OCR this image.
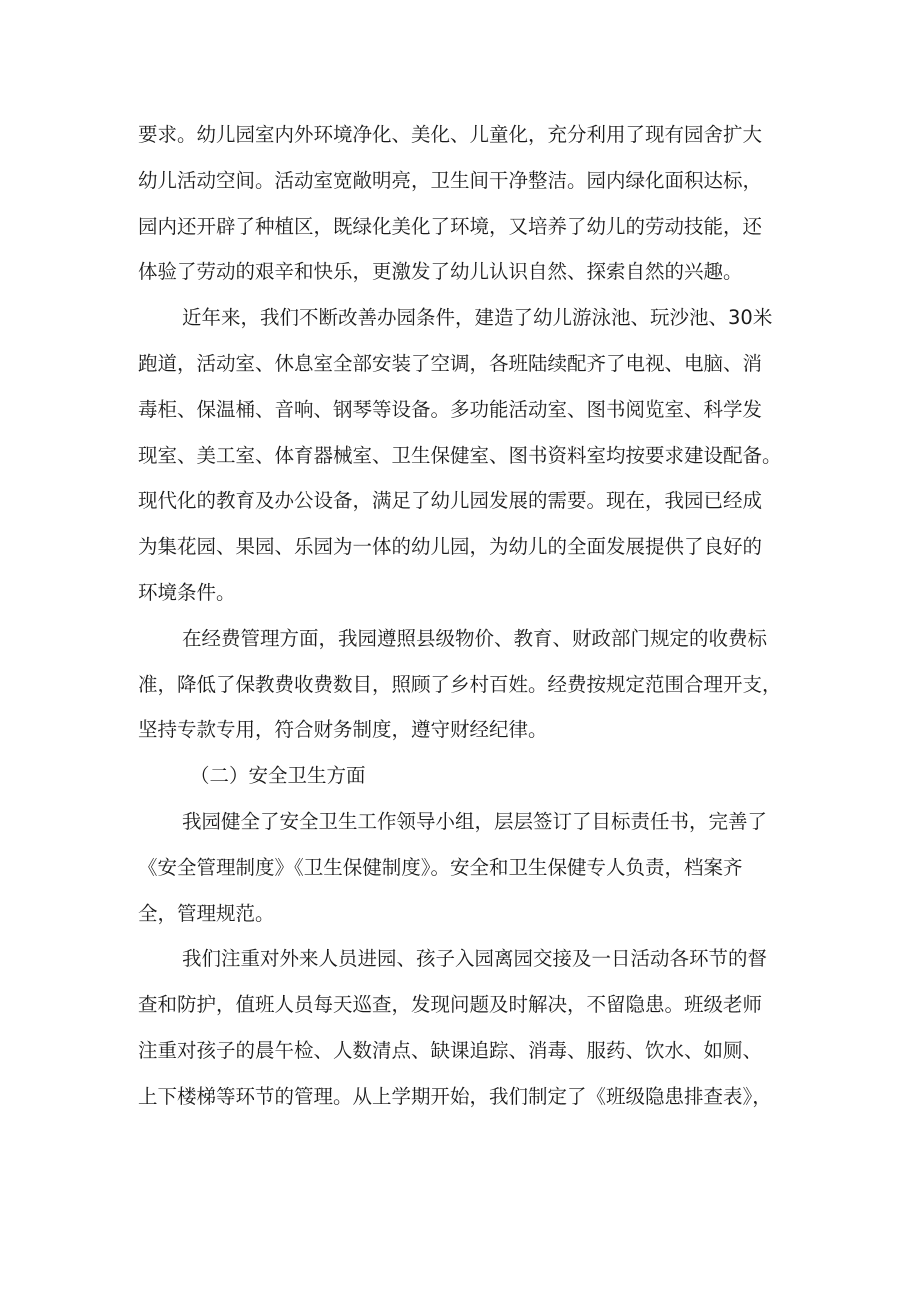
要求。幼儿园室内外环境净化、美化、儿童化，充分利用了现有园舍扩大
幼儿活动空间。活动室宽敞明亮，卫生间干净整洁。园内绿化面积达标，
园内还开辟了种植区，既绿化美化了环境，又培养了幼儿的劳动技能，还
体验了劳动的艰辛和快乐，更激发了幼儿认识自然、探索自然的兴趣。
近年来，我们不断改善办园条件，建造了幼儿游泳池、玩沙池、30米
跑道，活动室、休息室全部安装了空调，各班陆续配齐了电视、电脑、消
毒柜、保温桶、音响、钢琴等设备。多功能活动室、图书阅览室、科学发
现室、美工室、体育器械室、卫生保健室、图书资料室均按要求建设配备。
现代化的教育及办公设备，满足了幼儿园发展的需要。现在，我园已经成
为集花园、果园、乐园为一体的幼儿园，为幼儿的全面发展提供了良好的
环境条件。
在经费管理方面，我园遵照县级物价、教育、财政部门规定的收费标
准，降低了保教费收费数目，照顾了乡村百姓。经费按规定范围合理开支，
坚持专款专用，符合财务制度，遵守财经纪律。
（二）安全卫生方面
我园健全了安全卫生工作领导小组，层层签订了目标责任书，完善了
《安全管理制度》《卫生保健制度》。安全和卫生保健专人负责，档案齐
全，管理规范。
我们注重对外来人员进园、孩子入园离园交接及一日活动各环节的督
查和防护，值班人员每天巡查，发现问题及时解决，不留隐患。班级老师
注重对孩子的晨午检、人数清点、缺课追踪、消毒、服药、饮水、如厕、
上下楼梯等环节的管理。从上学期开始，我们制定了《班级隐患排查表》，
